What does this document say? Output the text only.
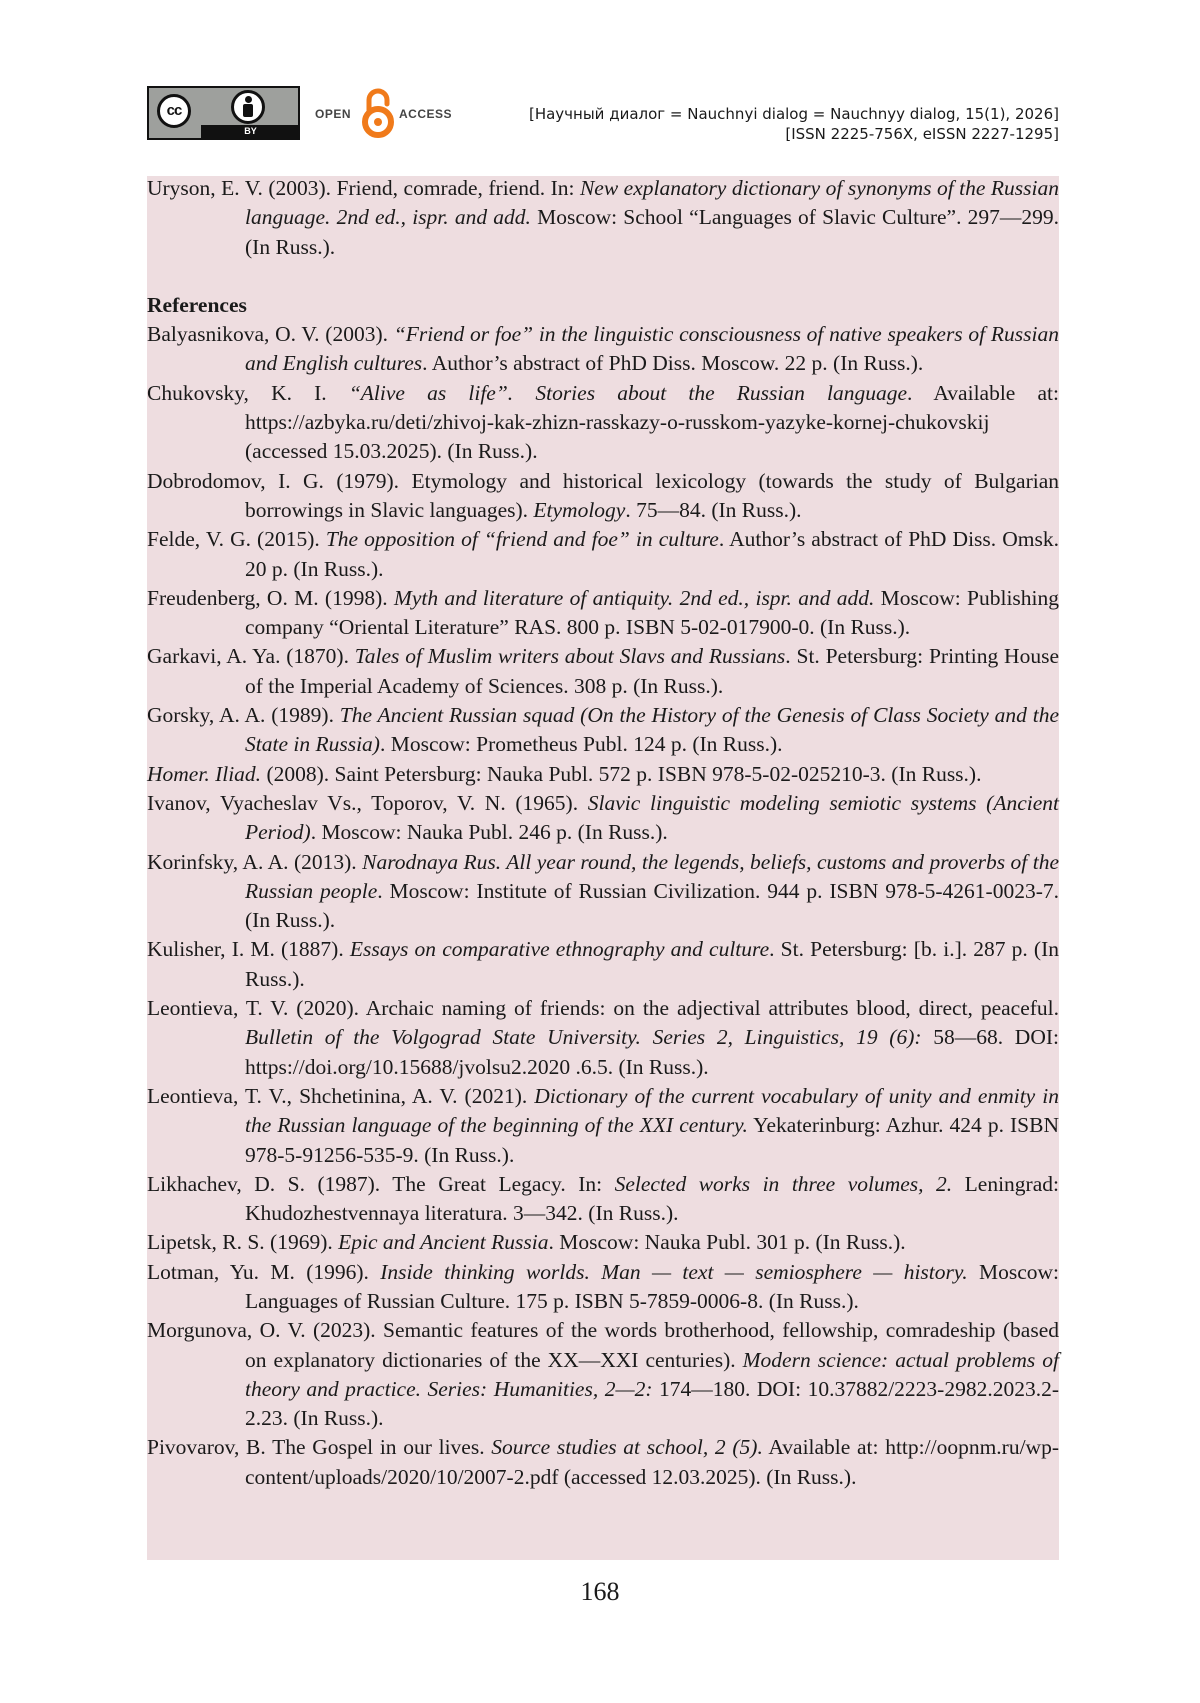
cc
BY
OPEN	ACCESS	[Научный диалог = Nauchnyi dialog = Nauchnyy dialog, 15(1), 2026]
[ISSN 2225-756X, eISSN 2227-1295]

Uryson, E. V. (2003). Friend, comrade, friend. In: New explanatory dictionary of synonyms of the Russian language. 2nd ed., ispr. and add. Moscow: School “Languages of Slavic Culture”. 297—299. (In Russ.).

References

Balyasnikova, O. V. (2003). “Friend or foe” in the linguistic consciousness of native speakers of Russian and English cultures. Author’s abstract of PhD Diss. Moscow. 22 p. (In Russ.).

Chukovsky, K. I. “Alive as life”. Stories about the Russian language. Available at: https://azbyka.ru/deti/zhivoj-kak-zhizn-rasskazy-o-russkom-yazyke-kornej-chukovskij (accessed 15.03.2025). (In Russ.).

Dobrodomov, I. G. (1979). Etymology and historical lexicology (towards the study of Bulgarian borrowings in Slavic languages). Etymology. 75—84. (In Russ.).

Felde, V. G. (2015). The opposition of “friend and foe” in culture. Author’s abstract of PhD Diss. Omsk. 20 p. (In Russ.).

Freudenberg, O. M. (1998). Myth and literature of antiquity. 2nd ed., ispr. and add. Moscow: Publishing company “Oriental Literature” RAS. 800 p. ISBN 5-02-017900-0. (In Russ.).

Garkavi, A. Ya. (1870). Tales of Muslim writers about Slavs and Russians. St. Petersburg: Printing House of the Imperial Academy of Sciences. 308 p. (In Russ.).

Gorsky, A. A. (1989). The Ancient Russian squad (On the History of the Genesis of Class Society and the State in Russia). Moscow: Prometheus Publ. 124 p. (In Russ.).

Homer. Iliad. (2008). Saint Petersburg: Nauka Publ. 572 p. ISBN 978-5-02-025210-3. (In Russ.).

Ivanov, Vyacheslav Vs., Toporov, V. N. (1965). Slavic linguistic modeling semiotic systems (Ancient Period). Moscow: Nauka Publ. 246 p. (In Russ.).

Korinfsky, A. A. (2013). Narodnaya Rus. All year round, the legends, beliefs, customs and proverbs of the Russian people. Moscow: Institute of Russian Civilization. 944 p. ISBN 978-5-4261-0023-7. (In Russ.).

Kulisher, I. M. (1887). Essays on comparative ethnography and culture. St. Petersburg: [b. i.]. 287 p. (In Russ.).

Leontieva, T. V. (2020). Archaic naming of friends: on the adjectival attributes blood, direct, peaceful. Bulletin of the Volgograd State University. Series 2, Linguistics, 19 (6): 58—68. DOI: https://doi.org/10.15688/jvolsu2.2020 .6.5. (In Russ.).

Leontieva, T. V., Shchetinina, A. V. (2021). Dictionary of the current vocabulary of unity and enmity in the Russian language of the beginning of the XXI century. Yekaterinburg: Azhur. 424 p. ISBN 978-5-91256-535-9. (In Russ.).

Likhachev, D. S. (1987). The Great Legacy. In: Selected works in three volumes, 2. Leningrad: Khudozhestvennaya literatura. 3—342. (In Russ.).

Lipetsk, R. S. (1969). Epic and Ancient Russia. Moscow: Nauka Publ. 301 p. (In Russ.).

Lotman, Yu. M. (1996). Inside thinking worlds. Man — text — semiosphere — history. Moscow: Languages of Russian Culture. 175 p. ISBN 5-7859-0006-8. (In Russ.).

Morgunova, O. V. (2023). Semantic features of the words brotherhood, fellowship, comradeship (based on explanatory dictionaries of the XX—XXI centuries). Modern science: actual problems of theory and practice. Series: Humanities, 2—2: 174—180. DOI: 10.37882/2223-2982.2023.2-2.23. (In Russ.).

Pivovarov, B. The Gospel in our lives. Source studies at school, 2 (5). Available at: http://oopnm.ru/wp-content/uploads/2020/10/2007-2.pdf (accessed 12.03.2025). (In Russ.).

168
